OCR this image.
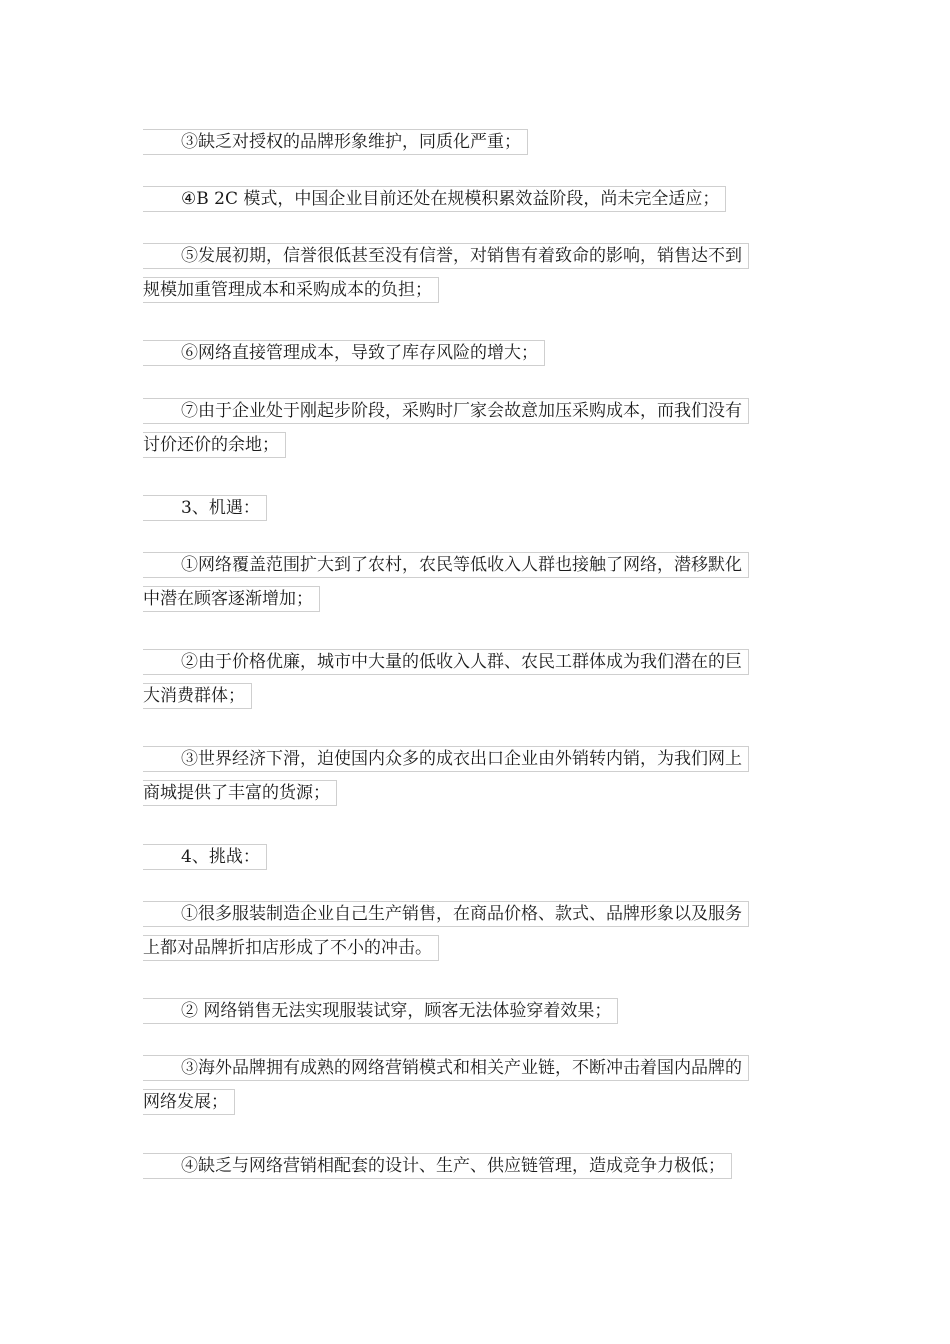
③缺乏对授权的品牌形象维护，同质化严重；
④B 2C 模式，中国企业目前还处在规模积累效益阶段，尚未完全适应；
⑤发展初期，信誉很低甚至没有信誉，对销售有着致命的影响，销售达不到
规模加重管理成本和采购成本的负担；
⑥网络直接管理成本，导致了库存风险的增大；
⑦由于企业处于刚起步阶段，采购时厂家会故意加压采购成本，而我们没有
讨价还价的余地；
3、机遇：
①网络覆盖范围扩大到了农村，农民等低收入人群也接触了网络，潜移默化
中潜在顾客逐渐增加；
②由于价格优廉，城市中大量的低收入人群、农民工群体成为我们潜在的巨
大消费群体；
③世界经济下滑，迫使国内众多的成衣出口企业由外销转内销，为我们网上
商城提供了丰富的货源；
4、挑战：
①很多服装制造企业自己生产销售，在商品价格、款式、品牌形象以及服务
上都对品牌折扣店形成了不小的冲击。
② 网络销售无法实现服装试穿，顾客无法体验穿着效果；
③海外品牌拥有成熟的网络营销模式和相关产业链，不断冲击着国内品牌的
网络发展；
④缺乏与网络营销相配套的设计、生产、供应链管理，造成竞争力极低；
